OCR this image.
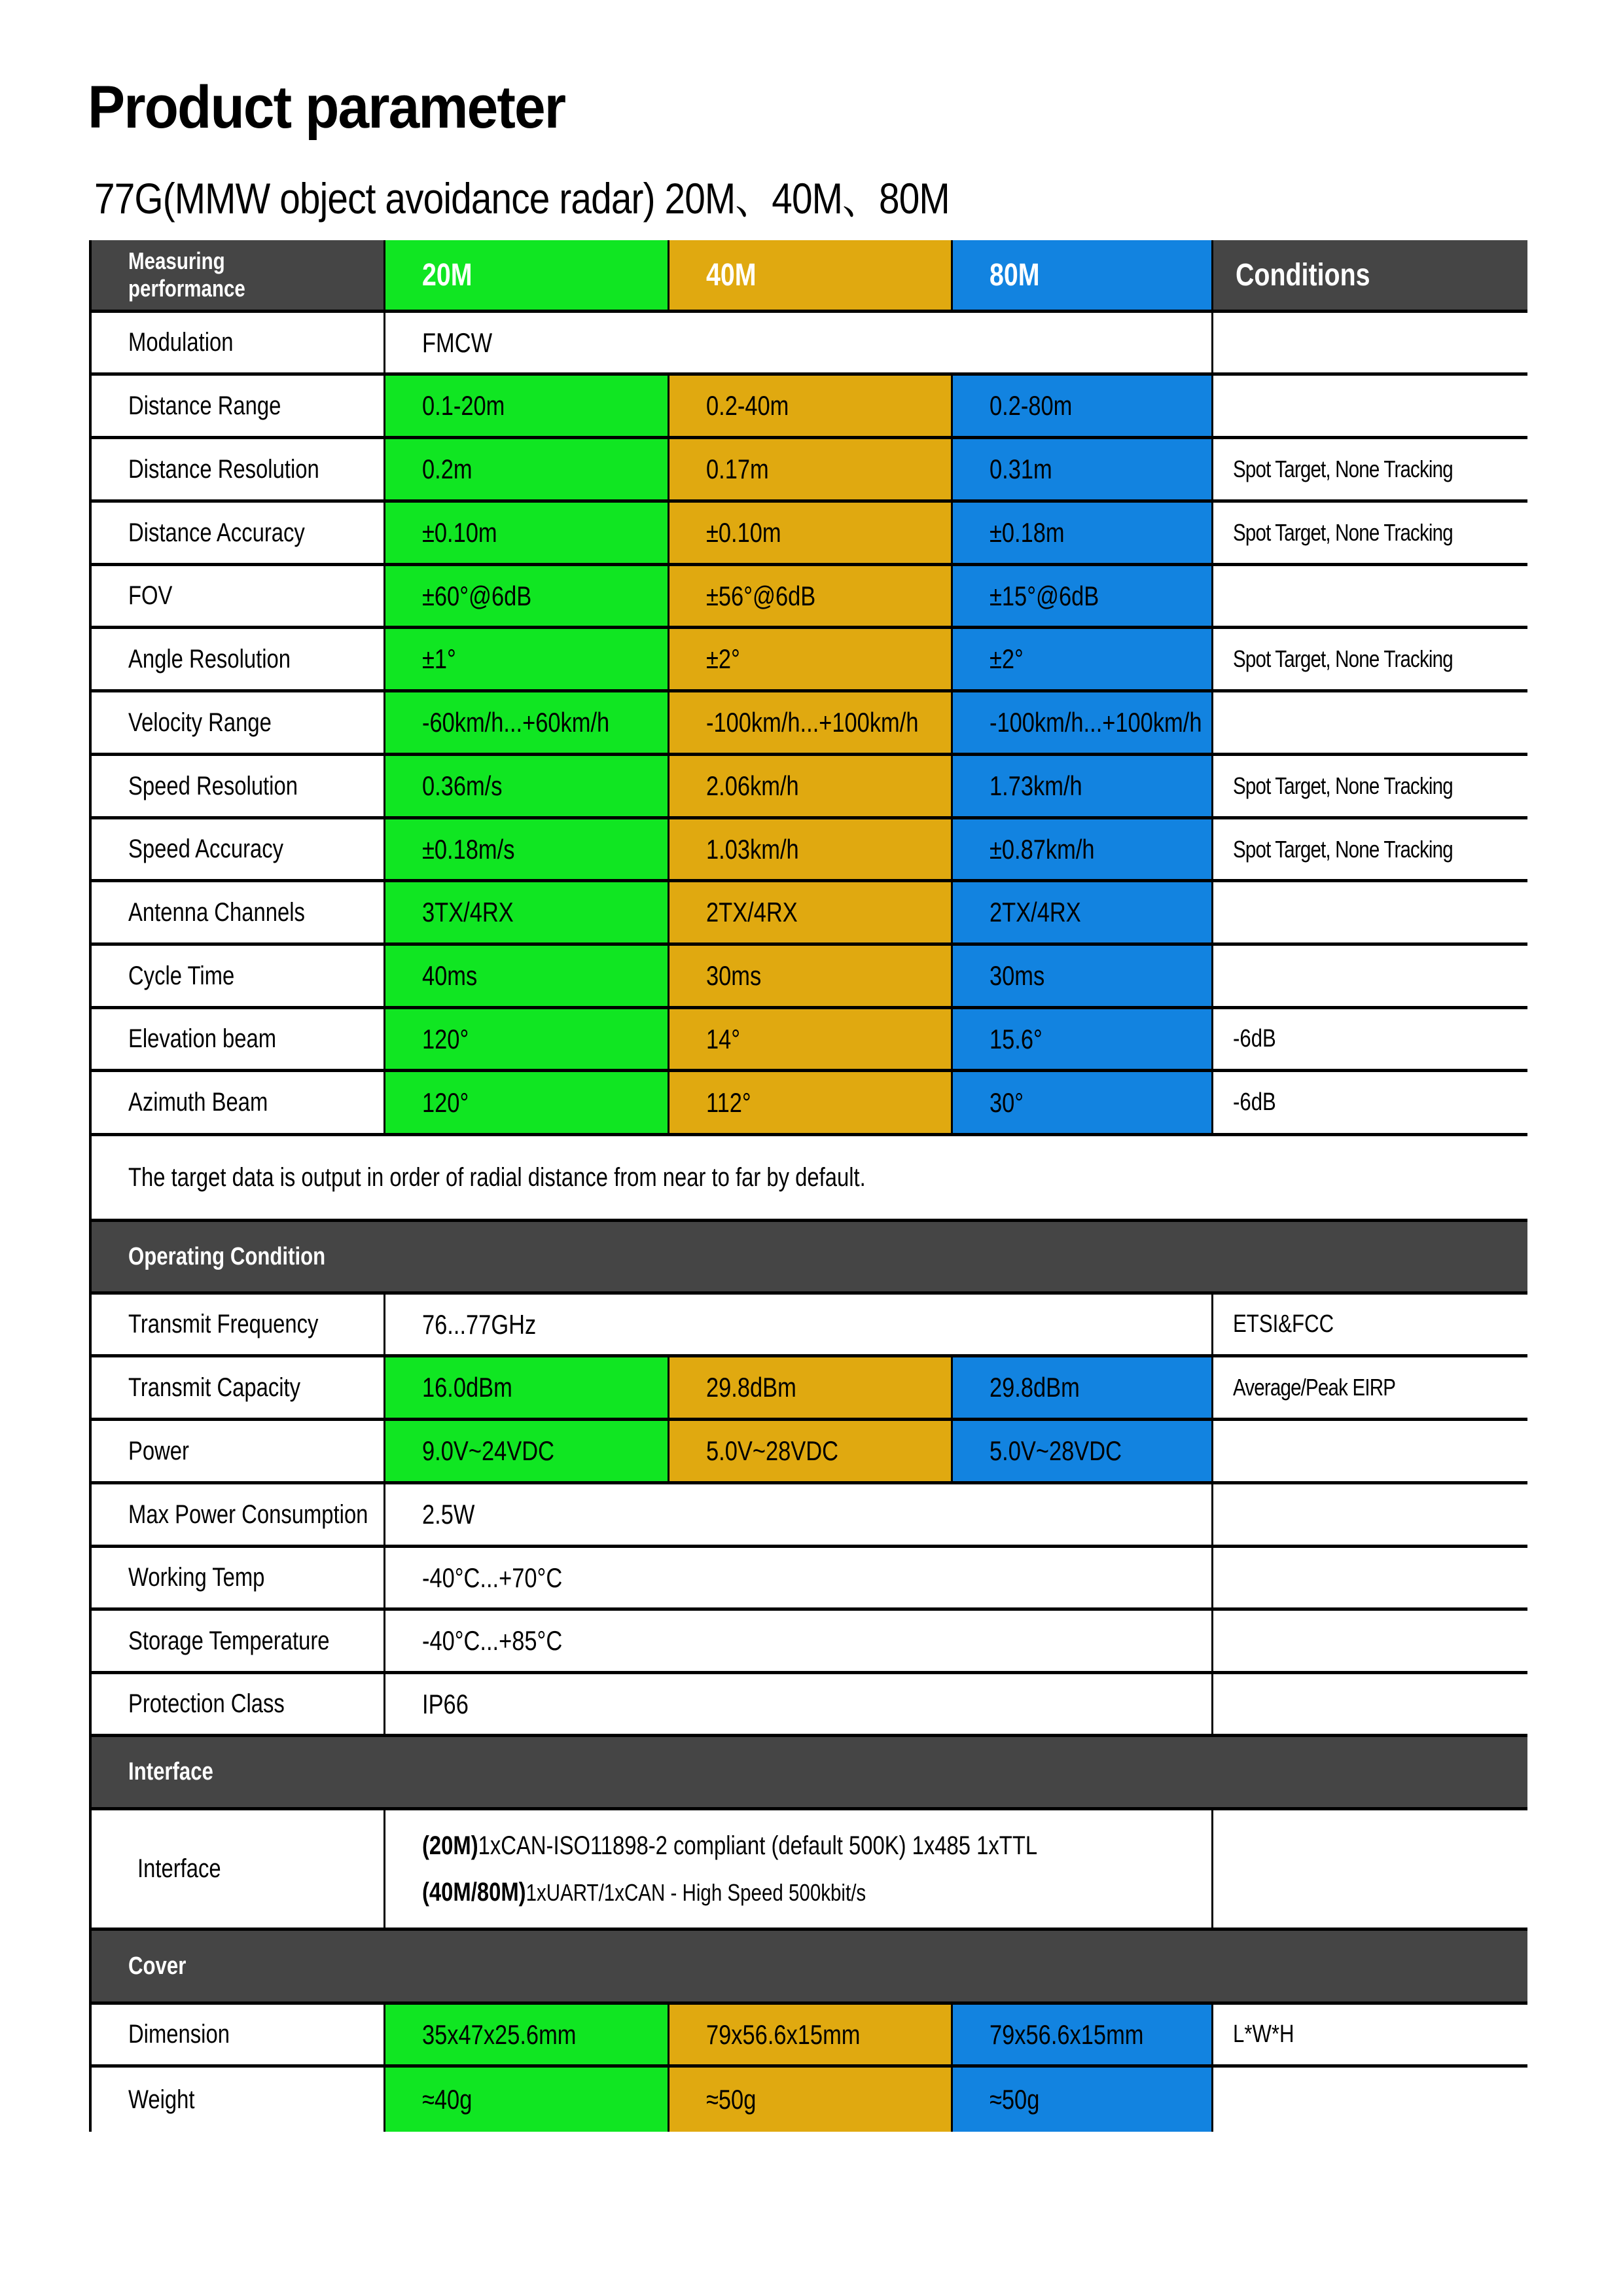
Product parameter
77G(MMW object avoidance radar) 20M、40M、80M
Measuring performance	20M	40M	80M	Conditions
Modulation	FMCW
Distance Range	0.1-20m	0.2-40m	0.2-80m
Distance Resolution	0.2m	0.17m	0.31m	Spot Target, None Tracking
Distance Accuracy	±0.10m	±0.10m	±0.18m	Spot Target, None Tracking
FOV	±60°@6dB	±56°@6dB	±15°@6dB
Angle Resolution	±1°	±2°	±2°	Spot Target, None Tracking
Velocity Range	-60km/h...+60km/h	-100km/h...+100km/h	-100km/h...+100km/h
Speed Resolution	0.36m/s	2.06km/h	1.73km/h	Spot Target, None Tracking
Speed Accuracy	±0.18m/s	1.03km/h	±0.87km/h	Spot Target, None Tracking
Antenna Channels	3TX/4RX	2TX/4RX	2TX/4RX
Cycle Time	40ms	30ms	30ms
Elevation beam	120°	14°	15.6°	-6dB
Azimuth Beam	120°	112°	30°	-6dB
The target data is output in order of radial distance from near to far by default.
Operating Condition
Transmit Frequency	76...77GHz	ETSI&FCC
Transmit Capacity	16.0dBm	29.8dBm	29.8dBm	Average/Peak EIRP
Power	9.0V~24VDC	5.0V~28VDC	5.0V~28VDC
Max Power Consumption 2.5W
Working Temp	-40°C...+70°C
Storage Temperature	-40°C...+85°C
Protection Class	IP66
Interface
Interface
(20M)1xCAN-ISO11898-2 compliant (default 500K) 1x485 1xTTL
(40M/80M)1xUART/1xCAN - High Speed 500kbit/s
Cover
Dimension	35x47x25.6mm	79x56.6x15mm	79x56.6x15mm	L*W*H
Weight	≈40g	≈50g	≈50g
